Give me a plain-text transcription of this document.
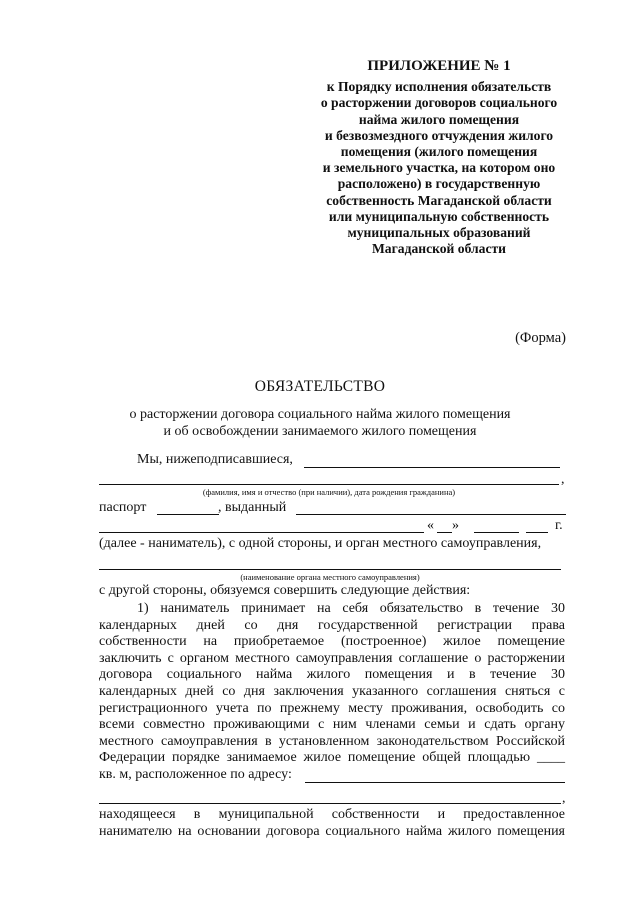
ПРИЛОЖЕНИЕ № 1
к Порядку исполнения обязательств
о расторжении договоров социального
найма жилого помещения
и безвозмездного отчуждения жилого
помещения (жилого помещения
и земельного участка, на котором оно
расположено) в государственную
собственность Магаданской области
или муниципальную собственность
муниципальных образований
Магаданской области
(Форма)
ОБЯЗАТЕЛЬСТВО
о расторжении договора социального найма жилого помещения
и об освобождении занимаемого жилого помещения
Мы, нижеподписавшиеся,
,
(фамилия, имя и отчество (при наличии), дата рождения гражданина)
паспорт	, выданный
« »	г.
(далее - наниматель), с одной стороны, и орган местного самоуправления,
(наименование органа местного самоуправления)
с другой стороны, обязуемся совершить следующие действия:
1) наниматель принимает на себя обязательство в течение 30
календарных дней со дня государственной регистрации права
собственности на приобретаемое (построенное) жилое помещение
заключить с органом местного самоуправления соглашение о расторжении
договора социального найма жилого помещения и в течение 30
календарных дней со дня заключения указанного соглашения сняться с
регистрационного учета по прежнему месту проживания, освободить со
всеми совместно проживающими с ним членами семьи и сдать органу
местного самоуправления в установленном законодательством Российской
Федерации порядке занимаемое жилое помещение общей площадью ____
кв. м, расположенное по адресу:
,
находящееся в муниципальной собственности и предоставленное
нанимателю на основании договора социального найма жилого помещения
